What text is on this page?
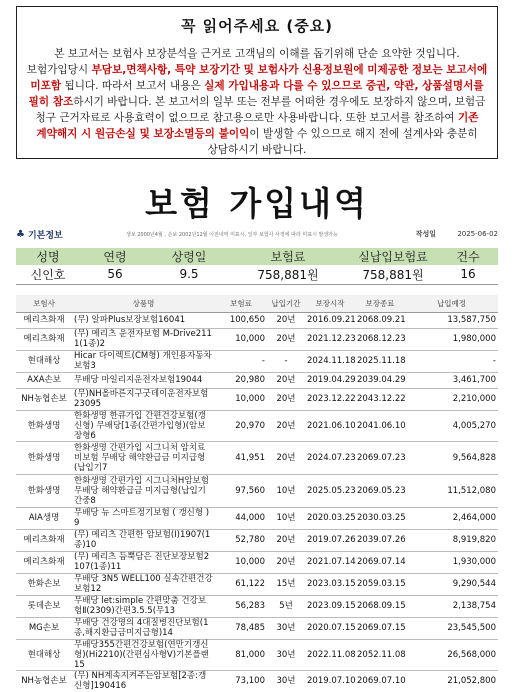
꼭 읽어주세요 (중요)
본 보고서는 보험사 보장분석을 근거로 고객님의 이해를 돕기위해 단순 요약한 것입니다. 보험가입당시 부담보,면책사항, 특약 보장기간 및 보험사가 신용정보원에 미제공한 정보는 보고서에 미포함 됩니다. 따라서 보고서 내용은 실제 가입내용과 다를 수 있으므로 증권, 약관, 상품설명서를 필히 참조하시기 바랍니다. 본 보고서의 일부 또는 전부를 어떠한 경우에도 보장하지 않으며, 보험금 청구 근거자료로 사용효력이 없으므로 참고용으로만 사용바랍니다. 또한 보고서를 참조하여 기존 계약해지 시 원금손실 및 보장소멸등의 불이익이 발생할 수 있으므로 해지 전에 설계사와 충분히 상담하시기 바랍니다.
보험 가입내역
♣ 기본정보	생보 2000년4월 , 손보 2002년12월 이전내역 미표시, 일부 보험사 사정에 따라 미표시 발생가능	작성일	2025-06-02
성명	연령	상령일	보험료	실납입보험료	건수
신인호	56	9.5	758,881원	758,881원	16
보험사	상품명	보험료	납입기간	보장시작	보장종료	납입예정
메리츠화재	(무) 알파Plus보장보험16041	100,650	20년	2016.09.21	2068.09.21	13,587,750
메리츠화재	(무) 메리츠 운전자보험 M-Drive2111(1종)2	10,000	20년	2021.12.23	2068.12.23	1,980,000
현대해상	Hicar 다이렉트(CM형) 개인용자동차보험3	-	-	2024.11.18	2025.11.18	-
AXA손보	무배당 마일리지운전자보험19044	20,980	20년	2019.04.29	2039.04.29	3,461,700
NH농협손보	(무)NH올바른지구굿데이운전자보험23095	10,000	20년	2023.12.22	2043.12.22	2,210,000
한화생명	한화생명 한큐가입 간편건강보험(갱신형) 무배당[1종(간편가입형)(암보장형6	20,970	20년	2021.06.10	2041.06.10	4,005,270
한화생명	한화생명 간편가입 시그니처 암치료비보험 무배당 해약환급금 미지급형(납입기7	41,951	20년	2024.07.23	2069.07.23	9,564,828
한화생명	한화생명 간편가입 시그니처H암보험 무배당 해약환급금 미지급형(납입기간중8	97,560	10년	2025.05.23	2069.05.23	11,512,080
AIA생명	무배당 뉴 스마트정기보험 ( 갱신형 ) 9	44,000	10년	2020.03.25	2030.03.25	2,464,000
메리츠화재	(무) 메리츠 간편한 암보험(Ⅰ)1907(1종)10	52,780	20년	2019.07.26	2039.07.26	8,919,820
메리츠화재	(무) 메리츠 듬뿍담은 진단보장보험2107(1종)11	10,000	20년	2021.07.14	2069.07.14	1,930,000
한화손보	무배당 3N5 WELL100 실속간편건강보험12	61,122	15년	2023.03.15	2059.03.15	9,290,544
롯데손보	무배당 let:simple 간편맞춤 건강보험Ⅱ(2309)간편3.5.5(무13	56,283	5년	2023.09.15	2068.09.15	2,138,754
MG손보	무배당 건강명의 4대질병진단보험(1종,해지환급금미지급형)14	78,485	30년	2020.07.15	2069.07.15	23,545,500
현대해상	무배당355간편건강보험(연만기갱신형)(Hi2210)(간편심사형V)기본플랜15	81,000	30년	2022.11.08	2052.11.08	26,568,000
NH농협손보	(무) NH계속지켜주는암보험[2종:갱신형]190416	73,100	30년	2019.07.10	2069.07.10	21,052,800
